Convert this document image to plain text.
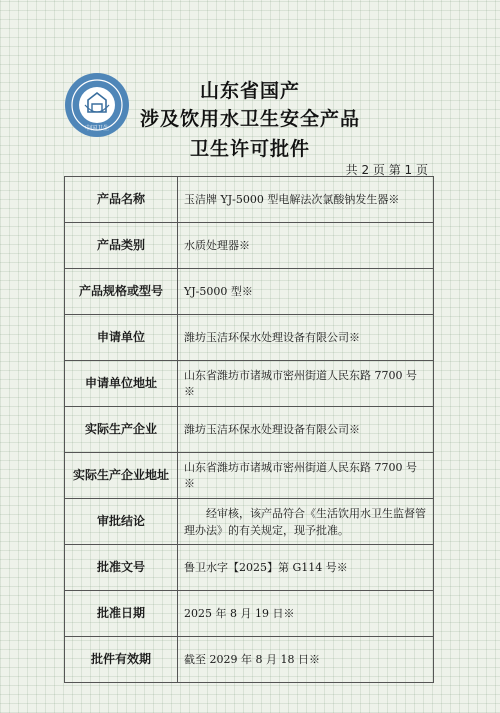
中国卫生
山东省国产
涉及饮用水卫生安全产品
卫生许可批件
共 2 页 第 1 页
产品名称	玉洁牌 YJ-5000 型电解法次氯酸钠发生器※
产品类别	水质处理器※
产品规格或型号	YJ-5000 型※
申请单位	潍坊玉洁环保水处理设备有限公司※
申请单位地址	山东省潍坊市诸城市密州街道人民东路 7700 号※
实际生产企业	潍坊玉洁环保水处理设备有限公司※
实际生产企业地址	山东省潍坊市诸城市密州街道人民东路 7700 号※
审批结论	经审核，该产品符合《生活饮用水卫生监督管理办法》的有关规定，现予批准。
批准文号	鲁卫水字【2025】第 G114 号※
批准日期	2025 年 8 月 19 日※
批件有效期	截至 2029 年 8 月 18 日※
